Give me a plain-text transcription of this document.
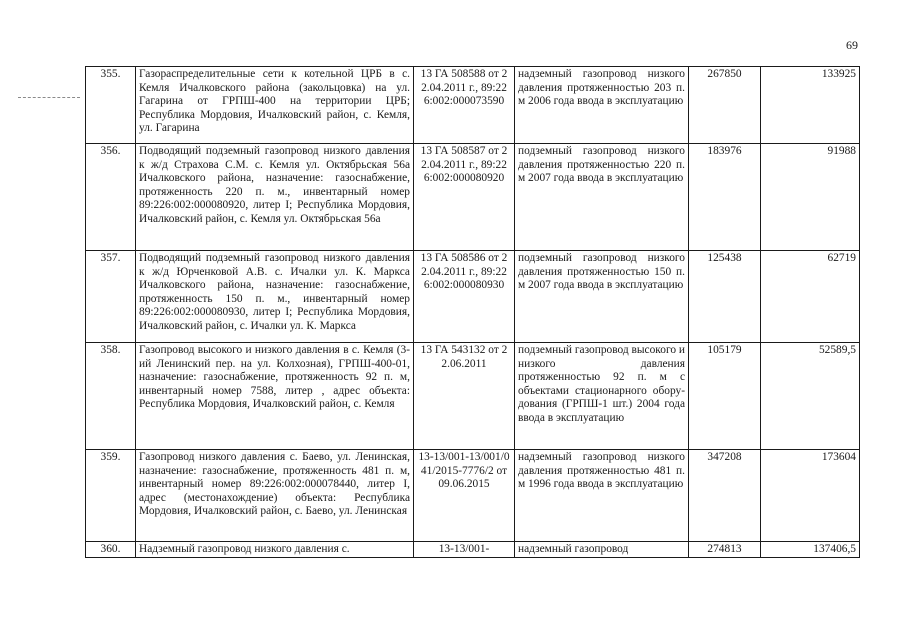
69
355.	Газораспределительные сети к котельной ЦРБ в с. Кемля Ичалковского района (закольцовка) на ул. Гагарина от ГРПШ-400 на территории ЦРБ; Республика Мордовия, Ичалковский район, с. Кемля, ул. Гагарина	13 ГА 508588 от 22.04.2011 г., 89:226:002:000073590	надземный газопровод низкого давления протяженностью 203 п. м 2006 года ввода в эксплуатацию	267850	133925
356.	Подводящий подземный газопровод низкого давления к ж/д Страхова С.М. с. Кемля ул. Октябрьская 56а Ичалковского района, назначение: газоснабжение, протяженность 220 п. м., инвентарный номер 89:226:002:000080920, литер I; Республика Мордовия, Ичалковский район, с. Кемля ул. Октябрьская 56а	13 ГА 508587 от 22.04.2011 г., 89:226:002:000080920	подземный газопровод низкого давления протяженностью 220 п. м 2007 года ввода в эксплуатацию	183976	91988
357.	Подводящий подземный газопровод низкого давления к ж/д Юрченковой А.В. с. Ичалки ул. К. Маркса Ичалковского района, назначение: газоснабжение, протяженность 150 п. м., инвентарный номер 89:226:002:000080930, литер I; Республика Мордовия, Ичалковский район, с. Ичалки ул. К. Маркса	13 ГА 508586 от 22.04.2011 г., 89:226:002:000080930	подземный газопровод низкого давления протяженностью 150 п. м 2007 года ввода в эксплуатацию	125438	62719
358.	Газопровод высокого и низкого давления в с. Кемля (3-ий Ленинский пер. на ул. Колхозная), ГРПШ-400-01, назначение: газоснабжение, протяженность 92 п. м, инвентарный номер 7588, литер , адрес объекта: Республика Мордовия, Ичалковский район, с. Кемля	13 ГА 543132 от 22.06.2011	подземный газопровод высокого и низкого давления протяженностью 92 п. м с объектами стационарного обору-дования (ГРПШ-1 шт.) 2004 года ввода в эксплуатацию	105179	52589,5
359.	Газопровод низкого давления с. Баево, ул. Ленинская, назначение: газоснабжение, протяженность 481 п. м, инвентарный номер 89:226:002:000078440, литер I, адрес (местонахождение) объекта: Республика Мордовия, Ичалковский район, с. Баево, ул. Ленинская	13-13/001-13/001/041/2015-7776/2 от 09.06.2015	надземный газопровод низкого давления протяженностью 481 п. м 1996 года ввода в эксплуатацию	347208	173604
360.	Надземный газопровод низкого давления с.	13-13/001-	надземный газопровод	274813	137406,5
